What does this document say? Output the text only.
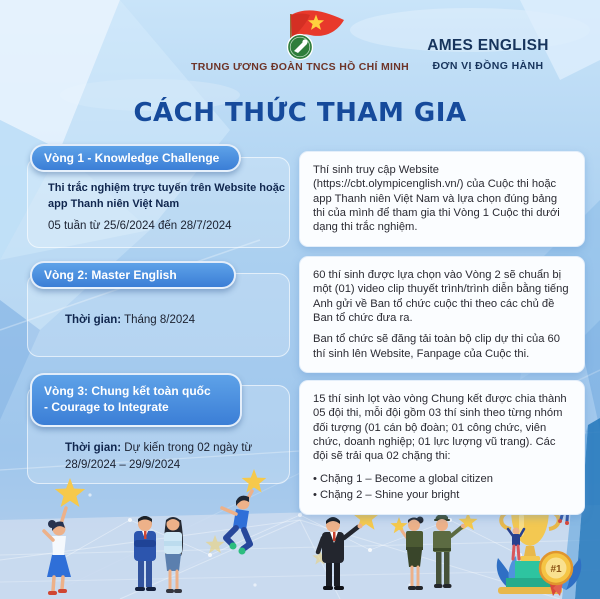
TRUNG ƯƠNG ĐOÀN TNCS HỒ CHÍ MINH
AMES ENGLISH
ĐƠN VỊ ĐỒNG HÀNH
CÁCH THỨC THAM GIA
Vòng 1 - Knowledge Challenge
Thi trắc nghiệm trực tuyến trên Website hoặc app Thanh niên Việt Nam
05 tuần từ 25/6/2024 đến 28/7/2024

Thí sinh truy cập Website (https://cbt.olympicenglish.vn/) của Cuộc thi hoặc app Thanh niên Việt Nam và lựa chọn đúng bảng thi của mình để tham gia thi Vòng 1 Cuộc thi dưới dạng thi trắc nghiệm.

Vòng 2: Master English
Thời gian: Tháng 8/2024

60 thí sinh được lựa chọn vào Vòng 2 sẽ chuẩn bị một (01) video clip thuyết trình/trình diễn bằng tiếng Anh gửi về Ban tổ chức cuộc thi theo các chủ đề Ban tổ chức đưa ra.

Ban tổ chức sẽ đăng tải toàn bộ clip dự thi của 60 thí sinh lên Website, Fanpage của Cuộc thi.

Vòng 3: Chung kết toàn quốc
- Courage to Integrate
Thời gian: Dự kiến trong 02 ngày từ 28/9/2024 – 29/9/2024

15 thí sinh lọt vào vòng Chung kết được chia thành 05 đội thi, mỗi đội gồm 03 thí sinh theo từng nhóm đối tượng (01 cán bộ đoàn; 01 công chức, viên chức, doanh nghiệp; 01 lực lượng vũ trang). Các đội sẽ trải qua 02 chặng thi:

• Chặng 1 – Become a global citizen
• Chặng 2 – Shine your bright
#1
